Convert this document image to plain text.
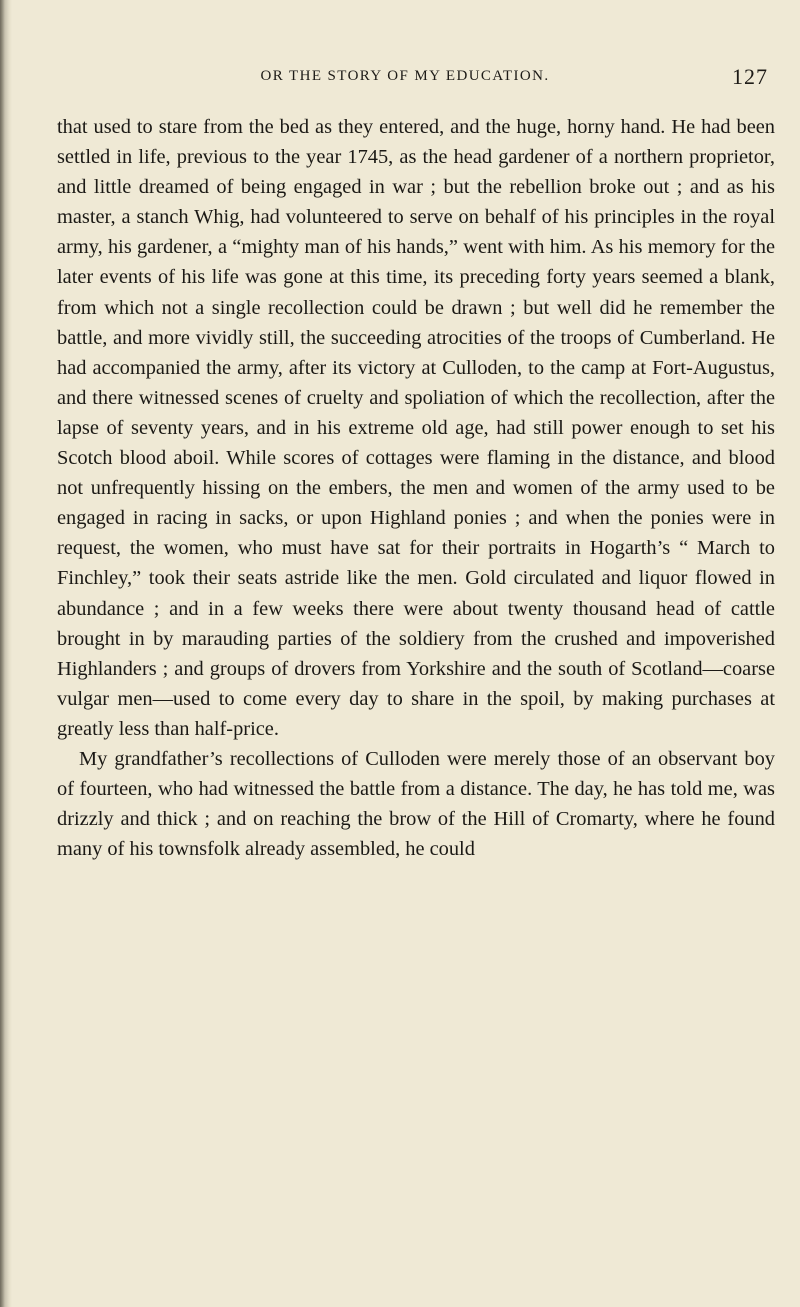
OR THE STORY OF MY EDUCATION.	127

that used to stare from the bed as they entered, and the huge, horny hand. He had been settled in life, previous to the year 1745, as the head gardener of a northern proprietor, and little dreamed of being engaged in war ; but the rebellion broke out ; and as his master, a stanch Whig, had volunteered to serve on behalf of his principles in the royal army, his gardener, a “mighty man of his hands,” went with him. As his memory for the later events of his life was gone at this time, its preceding forty years seemed a blank, from which not a single recollection could be drawn ; but well did he remember the battle, and more vividly still, the succeeding atrocities of the troops of Cumberland. He had accompanied the army, after its victory at Culloden, to the camp at Fort-Augustus, and there witnessed scenes of cruelty and spoliation of which the recollection, after the lapse of seventy years, and in his extreme old age, had still power enough to set his Scotch blood aboil. While scores of cottages were flaming in the distance, and blood not unfrequently hissing on the embers, the men and women of the army used to be engaged in racing in sacks, or upon Highland ponies ; and when the ponies were in request, the women, who must have sat for their portraits in Hogarth’s “ March to Finchley,” took their seats astride like the men. Gold circulated and liquor flowed in abundance ; and in a few weeks there were about twenty thousand head of cattle brought in by marauding parties of the soldiery from the crushed and impoverished Highlanders ; and groups of drovers from Yorkshire and the south of Scotland—coarse vulgar men—used to come every day to share in the spoil, by making purchases at greatly less than half-price.

My grandfather’s recollections of Culloden were merely those of an observant boy of fourteen, who had witnessed the battle from a distance. The day, he has told me, was drizzly and thick ; and on reaching the brow of the Hill of Cromarty, where he found many of his townsfolk already assembled, he could
